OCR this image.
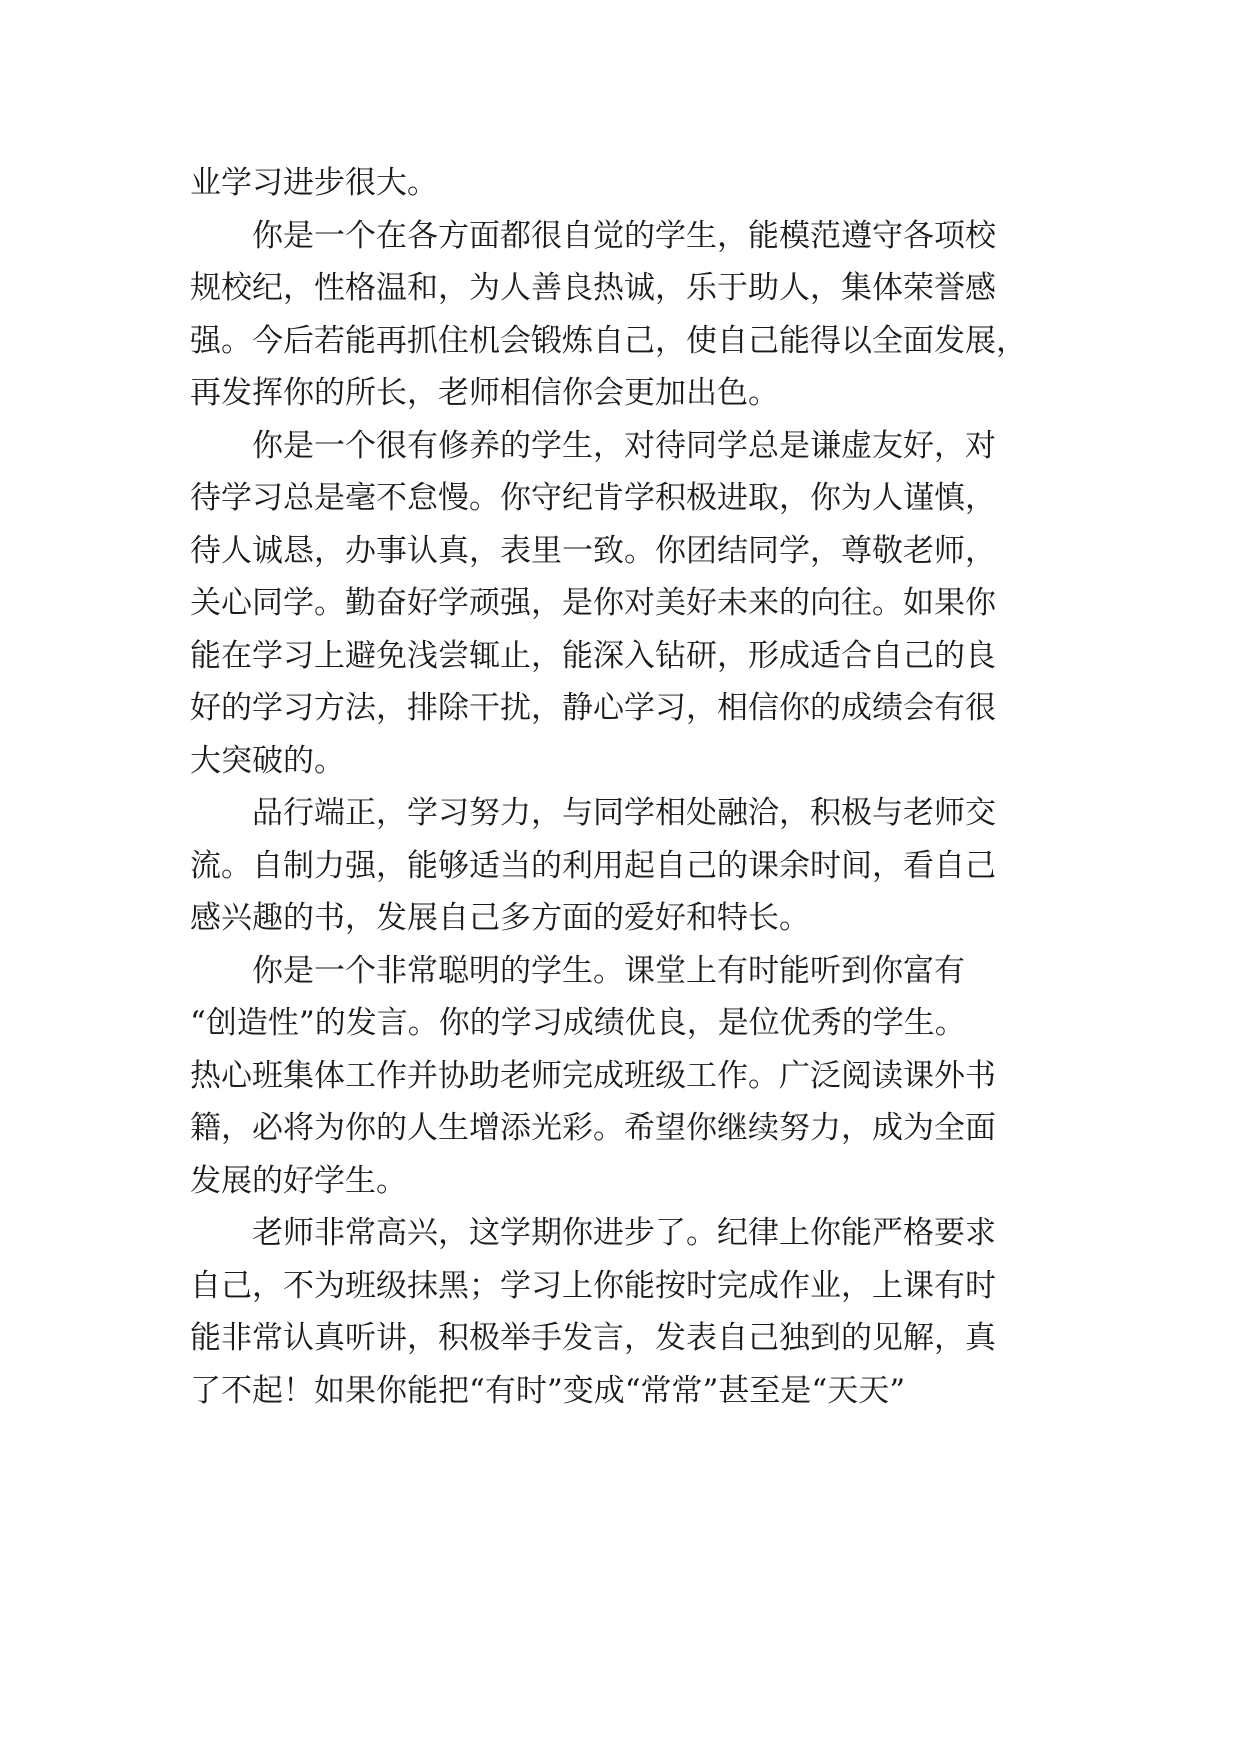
业学习进步很大。
你是一个在各方面都很自觉的学生，能模范遵守各项校
规校纪，性格温和，为人善良热诚，乐于助人，集体荣誉感
强。今后若能再抓住机会锻炼自己，使自己能得以全面发展，
再发挥你的所长，老师相信你会更加出色。
你是一个很有修养的学生，对待同学总是谦虚友好，对
待学习总是毫不怠慢。你守纪肯学积极进取，你为人谨慎，
待人诚恳，办事认真，表里一致。你团结同学，尊敬老师，
关心同学。勤奋好学顽强，是你对美好未来的向往。如果你
能在学习上避免浅尝辄止，能深入钻研，形成适合自己的良
好的学习方法，排除干扰，静心学习，相信你的成绩会有很
大突破的。
品行端正，学习努力，与同学相处融洽，积极与老师交
流。自制力强，能够适当的利用起自己的课余时间，看自己
感兴趣的书，发展自己多方面的爱好和特长。
你是一个非常聪明的学生。课堂上有时能听到你富有
“创造性”的发言。你的学习成绩优良，是位优秀的学生。
热心班集体工作并协助老师完成班级工作。广泛阅读课外书
籍，必将为你的人生增添光彩。希望你继续努力，成为全面
发展的好学生。
老师非常高兴，这学期你进步了。纪律上你能严格要求
自己，不为班级抹黑；学习上你能按时完成作业，上课有时
能非常认真听讲，积极举手发言，发表自己独到的见解，真
了不起！如果你能把“有时”变成“常常”甚至是“天天”
